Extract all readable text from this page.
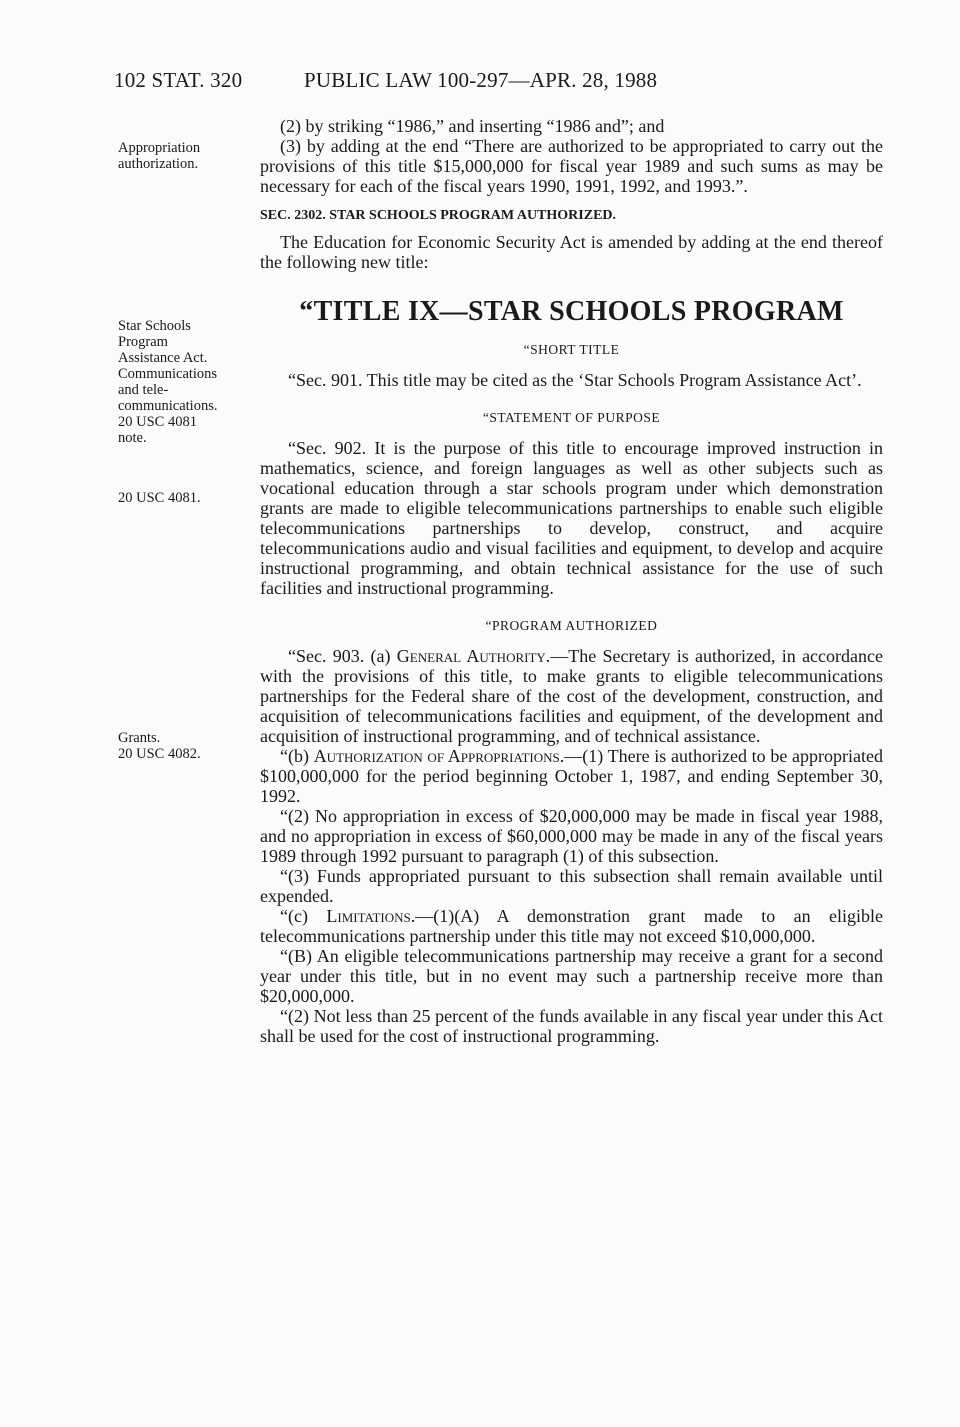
102 STAT. 320	PUBLIC LAW 100-297—APR. 28, 1988
Appropriation
authorization.
Star Schools
Program
Assistance Act.
Communications
and tele-
communications.
20 USC 4081
note.
20 USC 4081.
Grants.
20 USC 4082.

(2) by striking “1986,” and inserting “1986 and”; and

(3) by adding at the end “There are authorized to be appropriated to carry out the provisions of this title $15,000,000 for fiscal year 1989 and such sums as may be necessary for each of the fiscal years 1990, 1991, 1992, and 1993.”.

SEC. 2302. STAR SCHOOLS PROGRAM AUTHORIZED.

The Education for Economic Security Act is amended by adding at the end thereof the following new title:

“TITLE IX—STAR SCHOOLS PROGRAM
“SHORT TITLE

“Sec. 901. This title may be cited as the ‘Star Schools Program Assistance Act’.

“STATEMENT OF PURPOSE

“Sec. 902. It is the purpose of this title to encourage improved instruction in mathematics, science, and foreign languages as well as other subjects such as vocational education through a star schools program under which demonstration grants are made to eligible telecommunications partnerships to enable such eligible telecommunications partnerships to develop, construct, and acquire telecommunications audio and visual facilities and equipment, to develop and acquire instructional programming, and obtain technical assistance for the use of such facilities and instructional programming.

“PROGRAM AUTHORIZED

“Sec. 903. (a) General Authority.—The Secretary is authorized, in accordance with the provisions of this title, to make grants to eligible telecommunications partnerships for the Federal share of the cost of the development, construction, and acquisition of telecommunications facilities and equipment, of the development and acquisition of instructional programming, and of technical assistance.

“(b) Authorization of Appropriations.—(1) There is authorized to be appropriated $100,000,000 for the period beginning October 1, 1987, and ending September 30, 1992.

“(2) No appropriation in excess of $20,000,000 may be made in fiscal year 1988, and no appropriation in excess of $60,000,000 may be made in any of the fiscal years 1989 through 1992 pursuant to paragraph (1) of this subsection.

“(3) Funds appropriated pursuant to this subsection shall remain available until expended.

“(c) Limitations.—(1)(A) A demonstration grant made to an eligible telecommunications partnership under this title may not exceed $10,000,000.

“(B) An eligible telecommunications partnership may receive a grant for a second year under this title, but in no event may such a partnership receive more than $20,000,000.

“(2) Not less than 25 percent of the funds available in any fiscal year under this Act shall be used for the cost of instructional programming.
